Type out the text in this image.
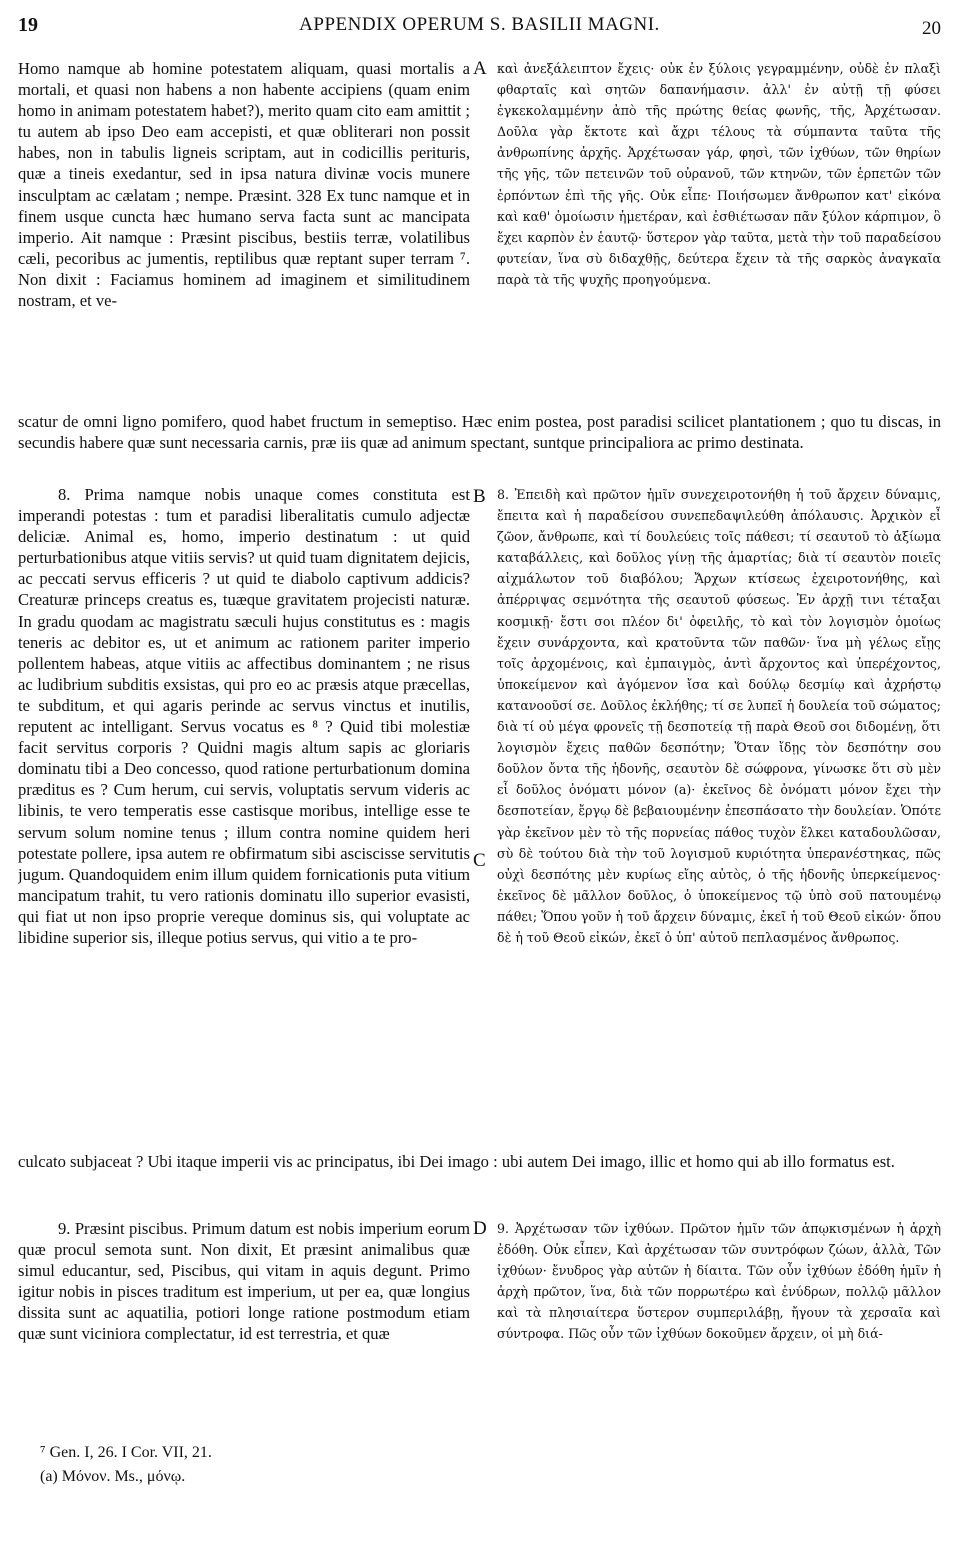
19	APPENDIX OPERUM S. BASILII MAGNI.	20
Homo namque ab homine potestatem aliquam, quasi mortalis a mortali, et quasi non habens a non habente accipiens (quam enim homo in animam potestatem habet?), merito quam cito eam amittit ; tu autem ab ipso Deo eam accepisti, et quæ obliterari non possit habes, non in tabulis ligneis scriptam, aut in codicillis perituris, quæ a tineis exedantur, sed in ipsa natura divinæ vocis munere insculptam ac cælatam ; nempe. Præsint. 328 Ex tunc namque et in finem usque cuncta hæc humano serva facta sunt ac mancipata imperio. Ait namque : Præsint piscibus, bestiis terræ, volatilibus cæli, pecoribus ac jumentis, reptilibus quæ reptant super terram ⁷. Non dixit : Faciamus hominem ad imaginem et similitudinem nostram, et ve-
A καὶ ἀνεξάλειπτον ἔχεις· οὐκ ἐν ξύλοις γεγραμμένην, οὐδὲ ἐν πλαξὶ φθαρταῖς καὶ σητῶν δαπανήμασιν. ἀλλ' ἐν αὐτῇ τῇ φύσει ἐγκεκολαμμένην ἀπὸ τῆς πρώτης θείας φωνῆς, τῆς, Ἀρχέτωσαν. Δοῦλα γὰρ ἔκτοτε καὶ ἄχρι τέλους τὰ σύμπαντα ταῦτα τῆς ἀνθρωπίνης ἀρχῆς. Ἀρχέτωσαν γάρ, φησὶ, τῶν ἰχθύων, τῶν θηρίων τῆς γῆς, τῶν πετεινῶν τοῦ οὐρανοῦ, τῶν κτηνῶν, τῶν ἑρπετῶν τῶν ἑρπόντων ἐπὶ τῆς γῆς. Οὐκ εἶπε· Ποιήσωμεν ἄνθρωπον κατ' εἰκόνα καὶ καθ' ὁμοίωσιν ἡμετέραν, καὶ ἐσθιέτωσαν πᾶν ξύλον κάρπιμον, ὃ ἔχει καρπὸν ἐν ἑαυτῷ· ὕστερον γὰρ ταῦτα, μετὰ τὴν τοῦ παραδείσου φυτείαν, ἵνα σὺ διδαχθῇς, δεύτερα ἔχειν τὰ τῆς σαρκὸς ἀναγκαῖα παρὰ τὰ τῆς ψυχῆς προηγούμενα.
scatur de omni ligno pomifero, quod habet fructum in semeptiso. Hæc enim postea, post paradisi scilicet plantationem ; quo tu discas, in secundis habere quæ sunt necessaria carnis, præ iis quæ ad animum spectant, suntque principaliora ac primo destinata.
8. Prima namque nobis unaque comes constituta est imperandi potestas : tum et paradisi liberalitatis cumulo adjectæ deliciæ. Animal es, homo, imperio destinatum : ut quid perturbationibus atque vitiis servis? ut quid tuam dignitatem dejicis, ac peccati servus efficeris ? ut quid te diabolo captivum addicis? Creaturæ princeps creatus es, tuæque gravitatem projecisti naturæ. In gradu quodam ac magistratu sæculi hujus constitutus es : magis teneris ac debitor es, ut et animum ac rationem pariter imperio pollentem habeas, atque vitiis ac affectibus dominantem ; ne risus ac ludibrium subditis exsistas, qui pro eo ac præsis atque præcellas, te subditum, et qui agaris perinde ac servus vinctus et inutilis, reputent ac intelligant. Servus vocatus es ⁸ ? Quid tibi molestiæ facit servitus corporis ? Quidni magis altum sapis ac gloriaris dominatu tibi a Deo concesso, quod ratione perturbationum domina præditus es ? Cum herum, cui servis, voluptatis servum videris ac libinis, te vero temperatis esse castisque moribus, intellige esse te servum solum nomine tenus ; illum contra nomine quidem heri potestate pollere, ipsa autem re obfirmatum sibi asciscisse servitutis jugum. Quandoquidem enim illum quidem fornicationis puta vitium mancipatum trahit, tu vero rationis dominatu illo superior evasisti, qui fiat ut non ipso proprie vereque dominus sis, qui voluptate ac libidine superior sis, illeque potius servus, qui vitio a te pro-
B
C
8. Ἐπειδὴ καὶ πρῶτον ἡμῖν συνεχειροτονήθη ἡ τοῦ ἄρχειν δύναμις, ἔπειτα καὶ ἡ παραδείσου συνεπεδαψιλεύθη ἀπόλαυσις. Ἀρχικὸν εἶ ζῶον, ἄνθρωπε, καὶ τί δουλεύεις τοῖς πάθεσι; τί σεαυτοῦ τὸ ἀξίωμα καταβάλλεις, καὶ δοῦλος γίνῃ τῆς ἁμαρτίας; διὰ τί σεαυτὸν ποιεῖς αἰχμάλωτον τοῦ διαβόλου; Ἄρχων κτίσεως ἐχειροτονήθης, καὶ ἀπέρριψας σεμνότητα τῆς σεαυτοῦ φύσεως. Ἐν ἀρχῇ τινι τέταξαι κοσμικῇ· ἔστι σοι πλέον δι' ὀφειλῆς, τὸ καὶ τὸν λογισμὸν ὁμοίως ἔχειν συνάρχοντα, καὶ κρατοῦντα τῶν παθῶν· ἵνα μὴ γέλως εἴῃς τοῖς ἀρχομένοις, καὶ ἐμπαιγμὸς, ἀντὶ ἄρχοντος καὶ ὑπερέχοντος, ὑποκείμενον καὶ ἀγόμενον ἴσα καὶ δούλῳ δεσμίῳ καὶ ἀχρήστῳ κατανοοῦσί σε. Δοῦλος ἐκλήθης; τί σε λυπεῖ ἡ δουλεία τοῦ σώματος; διὰ τί οὐ μέγα φρονεῖς τῇ δεσποτείᾳ τῇ παρὰ Θεοῦ σοι διδομένῃ, ὅτι λογισμὸν ἔχεις παθῶν δεσπότην; Ὅταν ἴδῃς τὸν δεσπότην σου δοῦλον ὄντα τῆς ἡδονῆς, σεαυτὸν δὲ σώφρονα, γίνωσκε ὅτι σὺ μὲν εἶ δοῦλος ὀνόματι μόνον (a)· ἐκεῖνος δὲ ὀνόματι μόνον ἔχει τὴν δεσποτείαν, ἔργῳ δὲ βεβαιουμένην ἐπεσπάσατο τὴν δουλείαν. Ὁπότε γὰρ ἐκεῖνον μὲν τὸ τῆς πορνείας πάθος τυχὸν ἕλκει καταδουλῶσαν, σὺ δὲ τούτου διὰ τὴν τοῦ λογισμοῦ κυριότητα ὑπερανέστηκας, πῶς οὐχὶ δεσπότης μὲν κυρίως εἴης αὐτὸς, ὁ τῆς ἡδονῆς ὑπερκείμενος· ἐκεῖνος δὲ μᾶλλον δοῦλος, ὁ ὑποκείμενος τῷ ὑπὸ σοῦ πατουμένῳ πάθει; Ὅπου γοῦν ἡ τοῦ ἄρχειν δύναμις, ἐκεῖ ἡ τοῦ Θεοῦ εἰκών· ὅπου δὲ ἡ τοῦ Θεοῦ εἰκών, ἐκεῖ ὁ ὑπ' αὐτοῦ πεπλασμένος ἄνθρωπος.
culcato subjaceat ? Ubi itaque imperii vis ac principatus, ibi Dei imago : ubi autem Dei imago, illic et homo qui ab illo formatus est.
9. Præsint piscibus. Primum datum est nobis imperium eorum quæ procul semota sunt. Non dixit, Et præsint animalibus quæ simul educantur, sed, Piscibus, qui vitam in aquis degunt. Primo igitur nobis in pisces traditum est imperium, ut per ea, quæ longius dissita sunt ac aquatilia, potiori longe ratione postmodum etiam quæ sunt viciniora complectatur, id est terrestria, et quæ
D 9. Ἀρχέτωσαν τῶν ἰχθύων. Πρῶτον ἡμῖν τῶν ἀπῳκισμένων ἡ ἀρχὴ ἐδόθη. Οὐκ εἶπεν, Καὶ ἀρχέτωσαν τῶν συντρόφων ζώων, ἀλλὰ, Τῶν ἰχθύων· ἔνυδρος γὰρ αὐτῶν ἡ δίαιτα. Τῶν οὖν ἰχθύων ἐδόθη ἡμῖν ἡ ἀρχὴ πρῶτον, ἵνα, διὰ τῶν πορρωτέρω καὶ ἐνύδρων, πολλῷ μᾶλλον καὶ τὰ πλησιαίτερα ὕστερον συμπεριλάβῃ, ἤγουν τὰ χερσαῖα καὶ σύντροφα. Πῶς οὖν τῶν ἰχθύων δοκοῦμεν ἄρχειν, οἱ μὴ διά-
⁷ Gen. I, 26. I Cor. VII, 21.
(a) Μόνον. Ms., μόνῳ.
